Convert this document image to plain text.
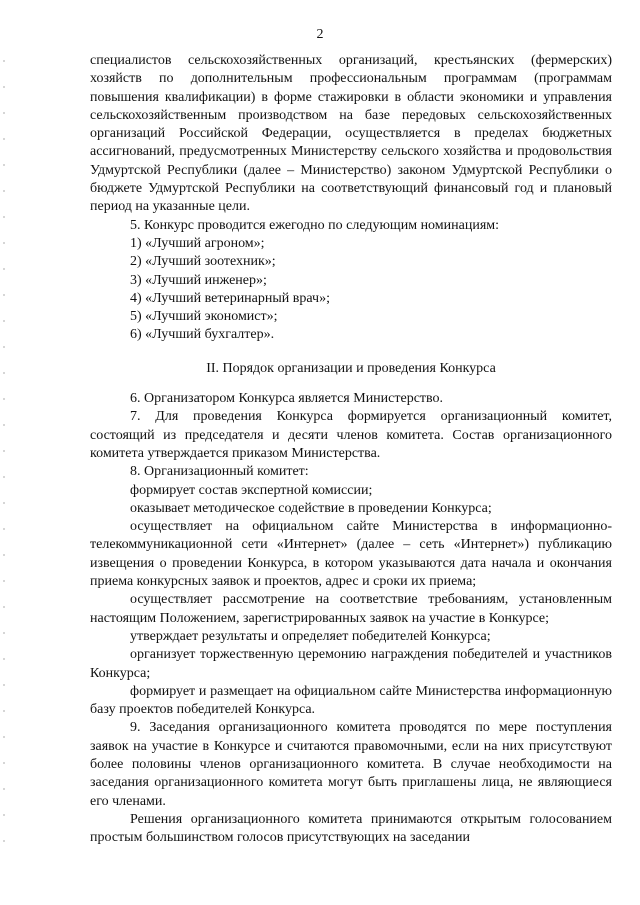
2

специалистов сельскохозяйственных организаций, крестьянских (фермерских) хозяйств по дополнительным профессиональным программам (программам повышения квалификации) в форме стажировки в области экономики и управления сельскохозяйственным производством на базе передовых сельскохозяйственных организаций Российской Федерации, осуществляется в пределах бюджетных ассигнований, предусмотренных Министерству сельского хозяйства и продовольствия Удмуртской Республики (далее – Министерство) законом Удмуртской Республики о бюджете Удмуртской Республики на соответствующий финансовый год и плановый период на указанные цели.

5. Конкурс проводится ежегодно по следующим номинациям:

1) «Лучший агроном»;

2) «Лучший зоотехник»;

3) «Лучший инженер»;

4) «Лучший ветеринарный врач»;

5) «Лучший экономист»;

6) «Лучший бухгалтер».

II. Порядок организации и проведения Конкурса

6. Организатором Конкурса является Министерство.

7. Для проведения Конкурса формируется организационный комитет, состоящий из председателя и десяти членов комитета. Состав организационного комитета утверждается приказом Министерства.

8. Организационный комитет:

формирует состав экспертной комиссии;

оказывает методическое содействие в проведении Конкурса;

осуществляет на официальном сайте Министерства в информационно-телекоммуникационной сети «Интернет» (далее – сеть «Интернет») публикацию извещения о проведении Конкурса, в котором указываются дата начала и окончания приема конкурсных заявок и проектов, адрес и сроки их приема;

осуществляет рассмотрение на соответствие требованиям, установленным настоящим Положением, зарегистрированных заявок на участие в Конкурсе;

утверждает результаты и определяет победителей Конкурса;

организует торжественную церемонию награждения победителей и участников Конкурса;

формирует и размещает на официальном сайте Министерства информационную базу проектов победителей Конкурса.

9. Заседания организационного комитета проводятся по мере поступления заявок на участие в Конкурсе и считаются правомочными, если на них присутствуют более половины членов организационного комитета. В случае необходимости на заседания организационного комитета могут быть приглашены лица, не являющиеся его членами.

Решения организационного комитета принимаются открытым голосованием простым большинством голосов присутствующих на заседании
